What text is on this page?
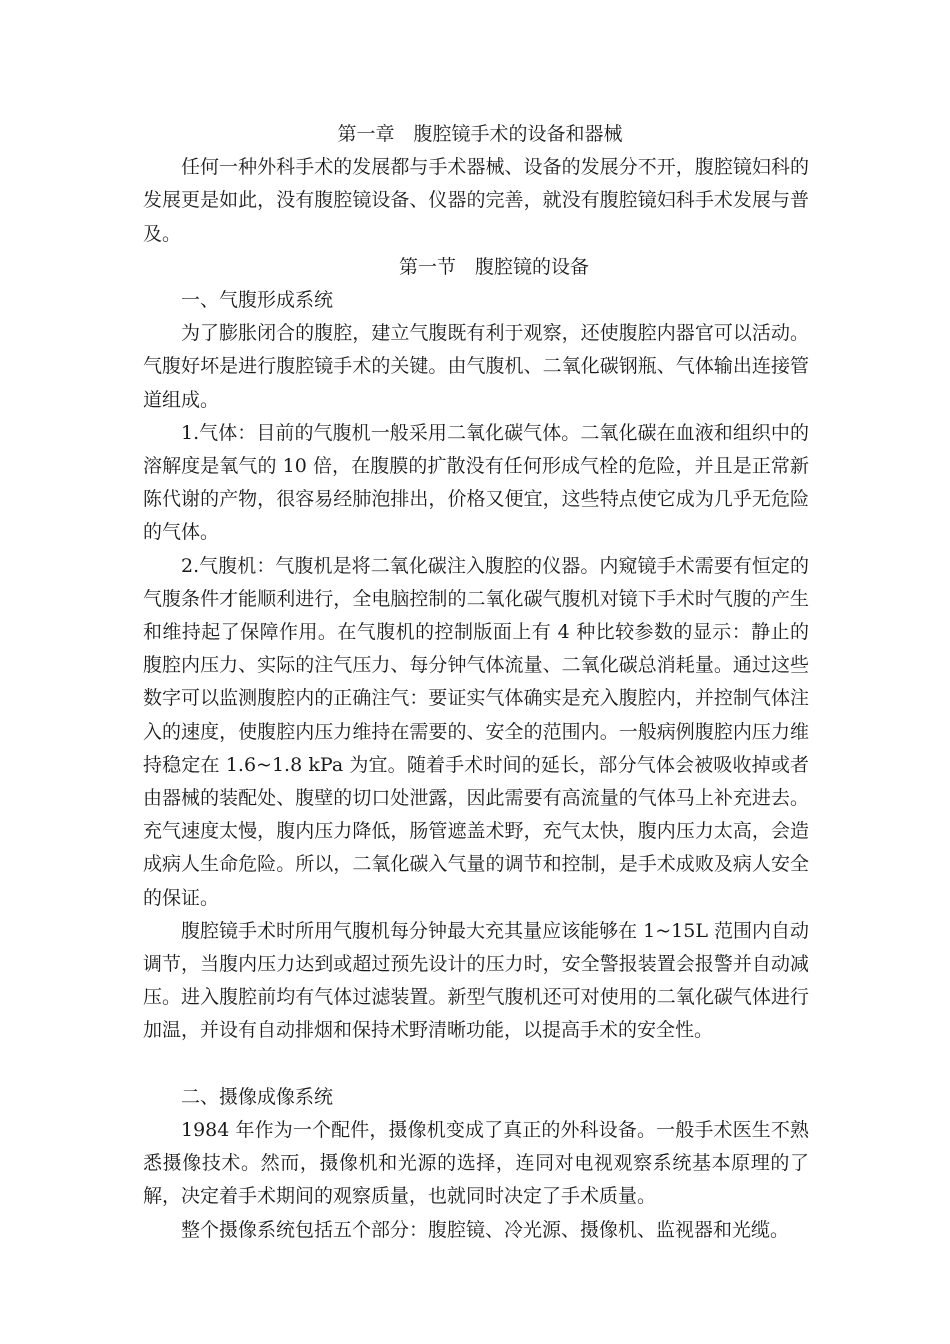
第一章　腹腔镜手术的设备和器械

任何一种外科手术的发展都与手术器械、设备的发展分不开，腹腔镜妇科的发展更是如此，没有腹腔镜设备、仪器的完善，就没有腹腔镜妇科手术发展与普及。

第一节　腹腔镜的设备

一、气腹形成系统

为了膨胀闭合的腹腔，建立气腹既有利于观察，还使腹腔内器官可以活动。气腹好坏是进行腹腔镜手术的关键。由气腹机、二氧化碳钢瓶、气体输出连接管道组成。

1.气体：目前的气腹机一般采用二氧化碳气体。二氧化碳在血液和组织中的溶解度是氧气的 10 倍，在腹膜的扩散没有任何形成气栓的危险，并且是正常新陈代谢的产物，很容易经肺泡排出，价格又便宜，这些特点使它成为几乎无危险的气体。

2.气腹机：气腹机是将二氧化碳注入腹腔的仪器。内窥镜手术需要有恒定的气腹条件才能顺利进行，全电脑控制的二氧化碳气腹机对镜下手术时气腹的产生和维持起了保障作用。在气腹机的控制版面上有 4 种比较参数的显示：静止的腹腔内压力、实际的注气压力、每分钟气体流量、二氧化碳总消耗量。通过这些数字可以监测腹腔内的正确注气：要证实气体确实是充入腹腔内，并控制气体注入的速度，使腹腔内压力维持在需要的、安全的范围内。一般病例腹腔内压力维持稳定在 1.6~1.8 kPa 为宜。随着手术时间的延长，部分气体会被吸收掉或者由器械的装配处、腹壁的切口处泄露，因此需要有高流量的气体马上补充进去。充气速度太慢，腹内压力降低，肠管遮盖术野，充气太快，腹内压力太高，会造成病人生命危险。所以，二氧化碳入气量的调节和控制，是手术成败及病人安全的保证。

腹腔镜手术时所用气腹机每分钟最大充其量应该能够在 1~15L 范围内自动调节，当腹内压力达到或超过预先设计的压力时，安全警报装置会报警并自动减压。进入腹腔前均有气体过滤装置。新型气腹机还可对使用的二氧化碳气体进行加温，并设有自动排烟和保持术野清晰功能，以提高手术的安全性。

二、摄像成像系统

1984 年作为一个配件，摄像机变成了真正的外科设备。一般手术医生不熟悉摄像技术。然而，摄像机和光源的选择，连同对电视观察系统基本原理的了解，决定着手术期间的观察质量，也就同时决定了手术质量。

整个摄像系统包括五个部分：腹腔镜、冷光源、摄像机、监视器和光缆。
